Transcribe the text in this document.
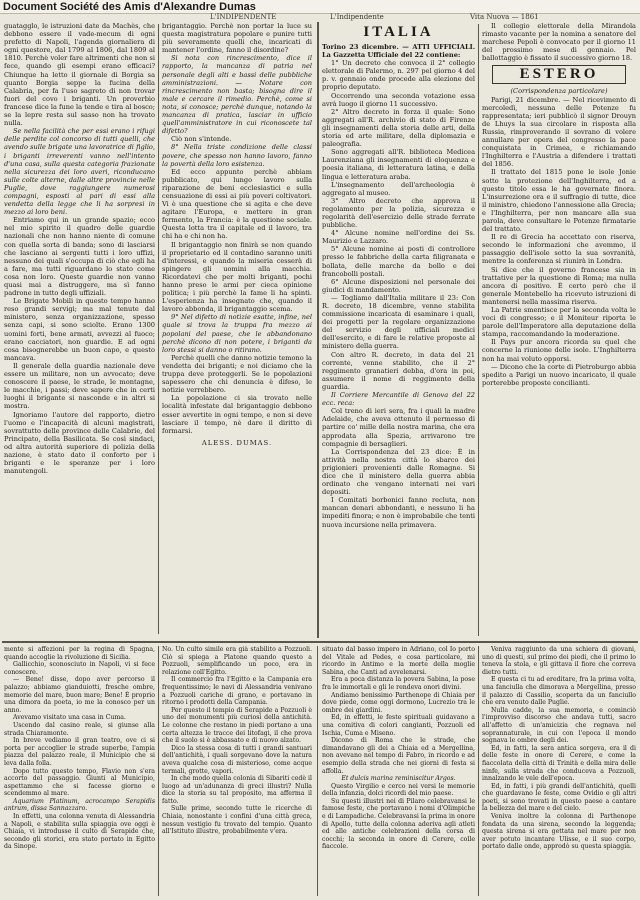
Document Société des Amis d'Alexandre Dumas
L'INDIPENDENTE	L'Indipendente	Vita Nuova — 1861

guatagglo, le istruzioni date da Machès, che debbono essere il vade-mecum di ogni prefetto di Napoli, l'agenda giornaliera di ogni questore, dal 1799 al 1806, dal 1809 al 1810. Perchè voler fare altrimenti che non si fece, quando gli esempi erano efficaci? Chiunque ha letto il giornale di Borgia sa quanto Borgia seppe la fucina della Calabria, per fa l'uso sagreto di non trovar fuori del covo i briganti. Un proverbio francese dice la fune la tende e tira al bosco; se la lepre resta sul sasso non ha trovato nulla.

Se nella facilità che per essi erano i rifugi delle perdite col concorso di tutti quelli, che avendo sulle brigate una lavoratrice di figlio, i briganti irreverenti vanno nell'intento d'una casa, sulla questa categoria frazionate nella sicurezza dei loro averi, riconducano sulle colte alterne, dalle altre provincie nelle Puglie, dove raggiungere numerosi compagni, esposti al pari di essi alla vendetta della legge che li ha sorpresi in mezzo ai loro beni.

Entriamo qui in un grande spazio; ecco nel mio spirito il quadro delle guardie nazionali che non hanno niente di comune con quella sorta di banda; sono di lasciarsi che lasciano ai sergenti tutti i loro uffizi, nessuno dei quali s'occupa di ciò che egli ha a fare, ma tutti riguardano lo stato come cosa non loro. Queste guardie non vanno quasi mai a distruggere, ma sì fanno padrone in tutto degli uffiziali.

Le Brigate Mobili in questo tempo hanno reso grandi servigi; ma mal tenute dal ministero, senza organizzazione, spesso senza capi, si sono sciolte. Erano 1300 uomini forti, bene armati, avvezzi al fuoco; erano cacciatori, non guardie. E ad ogni cosa bisognerebbe un buon capo, e questo mancava.

Il generale della guardia nazionale deve essere un militare, non un avvocato; deve conoscere il paese, le strade, le montagne, le macchie, i passi; deve sapere che in certi luoghi il brigante si nasconde e in altri si mostra.

Ignoriamo l'autore del rapporto, dietro l'uomo e l'incapacità di alcuni magistrati, sovrattutto delle province delle Calabrie, del Principato, della Basilicata. Se così sindaci, od altra autorità superiore di polizia della nazione, è stato dato il conforto per i briganti e le speranze per i loro manutengoli.

brigantaggio. Perchè non portar la luce su questa magistratura popolare e punire tutti più severamente quelli che, incaricati di mantener l'ordine, fanno il disordine?

Si nota con rincrescimento, dice il rapporto, la mancanza di patria nel personale degli alti e bassi delle pubbliche amministrazioni. — Notare con rincrescimento non basta; bisogna dire il male e cercare il rimedio. Perchè, come si nota, si conosce; perchè dunque, notando la mancanza di pratica, lasciar in ufficio quell'amministratore in cui riconoscete tal difetto?

Ciò non s'intende.

8° Nella triste condizione delle classi povere, che spesso non hanno lavoro, fanno la povertà della loro esistenza.

Ed ecco appunto perchè abbiam pubblicato, qui lungo lavoro sulla riparazione de beni ecclesiastici e sulla censuazione di essi ai più poveri coltivatori. Vi è una questione che si agita e che deve agitare l'Europa, e mettere in gran fermento, la Francia: è la questione sociale. Questa lotta tra il capitale ed il lavoro, tra chi ha e chi non ha.

Il brigantaggio non finirà se non quando il proprietario ed il contadino saranno uniti d'interessi, e quando la miseria cesserà di spingere gli uomini alla macchia. Ricordatevi che per molti briganti, pochi hanno preso le armi per cieca opinione politica; i più perchè la fame li ha spinti. L'esperienza ha insegnato che, quando il lavoro abbonda, il brigantaggio scema.

9° Nel difetto di notizie esatte, infine, nel quale si trova la truppa fra mezzo ai popolani del paese, che le abbandonano perchè dicono di non potere, i briganti da loro stessi si danno o ritirano.

Perchè quelli che danno notizie temono la vendetta dei briganti; e noi diciamo che la truppa deve proteggerli. Se le popolazioni sapessero che chi denuncia è difeso, le notizie verrebbero.

La popolazione ci sia trovato nelle località infestate dal brigantaggio debbono esser avvertite in ogni tempo, e non si deve lasciare il tempo, nè dare il diritto di formarsi.

ALESS. DUMAS.
ITALIA

Torino 23 dicembre. — ATTI UFFICIALI. La Gazzetta Ufficiale del 22 contiene:

1° Un decreto che convoca il 2° collegio elettorale di Palermo, n. 297 pel giorno 4 del p. v. gennaio onde procede alla elezione del proprio deputato.

Occorrendo una seconda votazione essa avrà luogo il giorno 11 successivo.

2° Altro decreto in forza il quale: Sono aggregati all'R. archivio di stato di Firenze gli insegnamenti della storia delle arti, della storia ed arte militare, della diplomazia e paleografia.

Sono aggregati all'R. biblioteca Medicea Laurenziana gli insegnamenti di eloquenza e poesia italiana, di letteratura latina, e della lingua e letteratura araba.

L'insegnamento dell'archeologia è aggregato al museo.

3° Altro decreto che approva il regolamento per la polizia, sicurezza e regolarità dell'esercizio delle strade ferrate pubbliche.

4° Alcune nomine nell'ordine dei Ss. Maurizio e Lazzaro.

5° Alcune nomine ai posti di controllore presso le fabbriche della carta filigranata e bollata, delle marche da bollo e dei francobolli postali.

6° Alcune disposizioni nel personale dei giudici di mandamento.

— Togliamo dall'Italia militare il 23: Con R. decreto, 18 dicembre, venne stabilita commissione incaricata di esaminare i quali, dei progetti per la regolare organizzazione del servizio degli ufficiali medici dell'esercito, e di fare le relative proposte al ministero della guerra.

Con altro R. decreto, in data del 21 corrente, venne stabilito, che il 2° reggimento granatieri debba, d'ora in poi, assumere il nome di reggimento della guardia.

Il Corriere Mercantile di Genova del 22 ecc. reca:

Col treno di ieri sera, fra i quali la madre Adelaide, che aveva ottenuto il permesso di partire co' mille della nostra marina, che era approdata alla Spezia, arrivarono tre compagnie di bersaglieri.

La Corrispondenza del 23 dice: È in attività nella nostra città lo sbarco dei prigionieri provenienti dalle Romagne. Si dice che il ministero della guerra abbia ordinato che vengano internati nei vari depositi.

I Comitati borbonici fanno recluta, non mancan denari abbondanti, e nessuno li ha impediti finora; e non è improbabile che tenti nuova incursione nella primavera.

Il collegio elettorale della Mirandola rimasto vacante per la nomina a senatore del marchese Pepoli è convocato per il giorno 11 del prossimo mese di gennaio. Pel ballottaggio è fissato il successivo giorno 18.

ESTERO
(Corrispondenza particolare)

Parigi, 21 dicembre. — Nel ricevimento di mercoledì, nessuna delle Potenze fu rappresentata; ieri pubblicò il signor Drouyn de Lhuys la sua circolare in risposta alla Russia, rimproverando il sovrano di volere annullare per opera del congresso la pace conquistata in Crimea, e richiamando l'Inghilterra e l'Austria a difendere i trattati del 1856.

Il trattato del 1815 pone le isole Jonie sotto la protezione dell'Inghilterra, ed a questo titolo essa le ha governate finora. L'insurrezione ora e il suffragio di tutte, dice il ministro, chiedono l'annessione alla Grecia; e l'Inghilterra, per non mancare alla sua parola, deve consultare le Potenze firmatarie del trattato.

Il re di Grecia ha accettato con riserva, secondo le informazioni che avemmo, il passaggio dell'isole sotto la sua sovranità, mentre la conferenza si riunirà in Londra.

Si dice che il governo francese sia in trattative per la questione di Roma; ma nulla ancora di positivo. È certo però che il generale Montebello ha ricevuto istruzioni di mantenersi nella massima riserva.

La Patrie smentisce per la seconda volta le voci di congresso; e il Moniteur riporta le parole dell'Imperatore alla deputazione della stampa, raccomandando la moderazione.

Il Pays pur ancora ricorda su quel che concerne la riunione delle isole. L'Inghilterra non ha mai voluto opporsi.

— Dicono che la corte di Pietroburgo abbia spedito a Parigi un nuovo incaricato, il quale porterebbe proposte concilianti.

mente si affezioni per la regina di Spagna, quando accoglie la rivoluzione di Sicilia.

Gallicchio, sconosciuto in Napoli, vi si fece conoscere.

— Bene! disse, dopo aver percorso il palazzo; abbiamo gianduiotti, fresche ombre, memorie del mare, buon mare; Bene! È proprio una dimora da poeta, io me la conosco per un anno.

Avevamo visitato una casa in Cuma.

Uscendo dal casino reale, si giunse alla strada Chiaramonte.

In breve vediamo il gran teatro, ove ci si porta per accoglier le strade superbe, l'ampia piazza del palazzo reale, il Municipio che si leva dalla folla.

Dopo tutto questo tempo, Flavio non s'era accorto del passaggio. Giunti al Municipio, aspettammo che si facesse giorno e scendemmo al mare.

Aquarium Platinum, acrocampo Serapidis antrum, dissa Sannazzaro.

In effetti, una colonna venuta di Alessandria a Napoli, e stabilita sulla spiaggia ove oggi è Chiaia, vi introdusse il culto di Serapide che, secondo gli storici, era stato portato in Egitto da Sinope.

No. Un culto simile era già stabilito a Pozzuoli. Ciò si spiega a Platone quando questo a Pozzuoli, semplificando un poco, era in relazione coll'Egitto.

Il commercio fra l'Egitto e la Campania era frequentissimo; le navi di Alessandria venivano a Pozzuoli cariche di grano, e portavano in ritorno i prodotti della Campania.

Per questo il tempio di Serapide a Pozzuoli è uno dei monumenti più curiosi della antichità. Le colonne che restano in piedi portano a una certa altezza le tracce dei litofagi, il che prova che il suolo si è abbassato e di nuovo alzato.

Dico la stessa cosa di tutti i grandi santuari dell'antichità, i quali sorgevano dove la natura aveva qualche cosa di misterioso, come acque termali, grotte, vapori.

In che modo quella colonia di Sibariti cedè il luogo ad un'adunanza di greci illustri? Nulla dice la storia su tal proposito, ma afferma il fatto.

Sulle prime, secondo tutte le ricerche di Chiaia, nonostante i confini d'una città greca, nessun vestigio fu trovato del tempio. Quanto all'Istituto illustre, probabilmente v'era.

situato dal basso impero in Adriano, col Io porto del Vitale ad Pedes, e cosa particolare, mi ricordo in Antimo e la morte della moglie Sabina, che Canti ad avvelenarsi.

Era a poca distanza la povera Sabina, la pose fra le immortali e gli le rendeva onori divini.

Andiamo benissimo Parthenope di Chiaia per dove piede, come oggi dormono, Lucrezio tra le ombre dei giardini.

Ed, in effetti, le feste spirituali guidavano a una comitiva di colori cangianti, Pozzuoli ed Ischia, Cuma e Miseno.

Dicono di Roma che le strade, che dimandavano gli dei a Chiaia ed a Mergellina, non avevano nel tempo di Fabro, in ricordo e ad esempio della strada che nei giorni di festa si affolla.

Et dulcis marina reminiscitur Argos.

Questo Virgilio e cerco nei versi le memorie della infanzia, dolci ricordi del mio paese.

Su questi illustri nei di Pilaro celebravansi le famose feste, che portavano i nomi d'Olimpiche e di Lampadiche. Celebravansi la prima in onore di Apollo, tutte della colonna aderiva agli atleti ed alle antiche celebrazioni della corsa di cocchi; la seconda in onore di Cerere, colle fiaccole.

Veniva raggiunto da una schiera di giovani, uno di questi, sul primo dei piedi, che il primo lo teneva la stola, e gli gittava il fiore che correva dietro tutti.

E questa ci tu ad ereditare, fra la prima volta, una fanciulla che dimorava a Mergellina, presso il palazzo di Cassilio, scoperta da un fanciullo che era venuto dalle Puglie.

Nulla cadde, la sua memoria, e cominciò l'improvviso discorso che andava tutti, sacro all'affetto di un'amicizia che regnava nel soprannaturale, in cui con l'epoca il mondo sognava le ombre degli dei.

Ed, in fatti, la sera antica sorgeva, era il di delle feste in onore di Cerere, e come la fiaccolata della città di Trinità e della mira delle ninfe, sulla strada che conduceva a Pozzuoli, innalzando le vele dell'epoca.

Ed, in fatti, i più grandi dell'antichità, quelli che guardavano le feste, come Ovidio e gli altri poeti, si sono trovati in questo paese a cantare la bellezza del mare e del cielo.

Veniva inoltre la colonna di Parthenope fondata da una sirena, secondo la leggenda; questa sirena si era gettata nel mare per non aver potuto incantare Ulisse, e il suo corpo, portato dalle onde, approdò su questa spiaggia.
